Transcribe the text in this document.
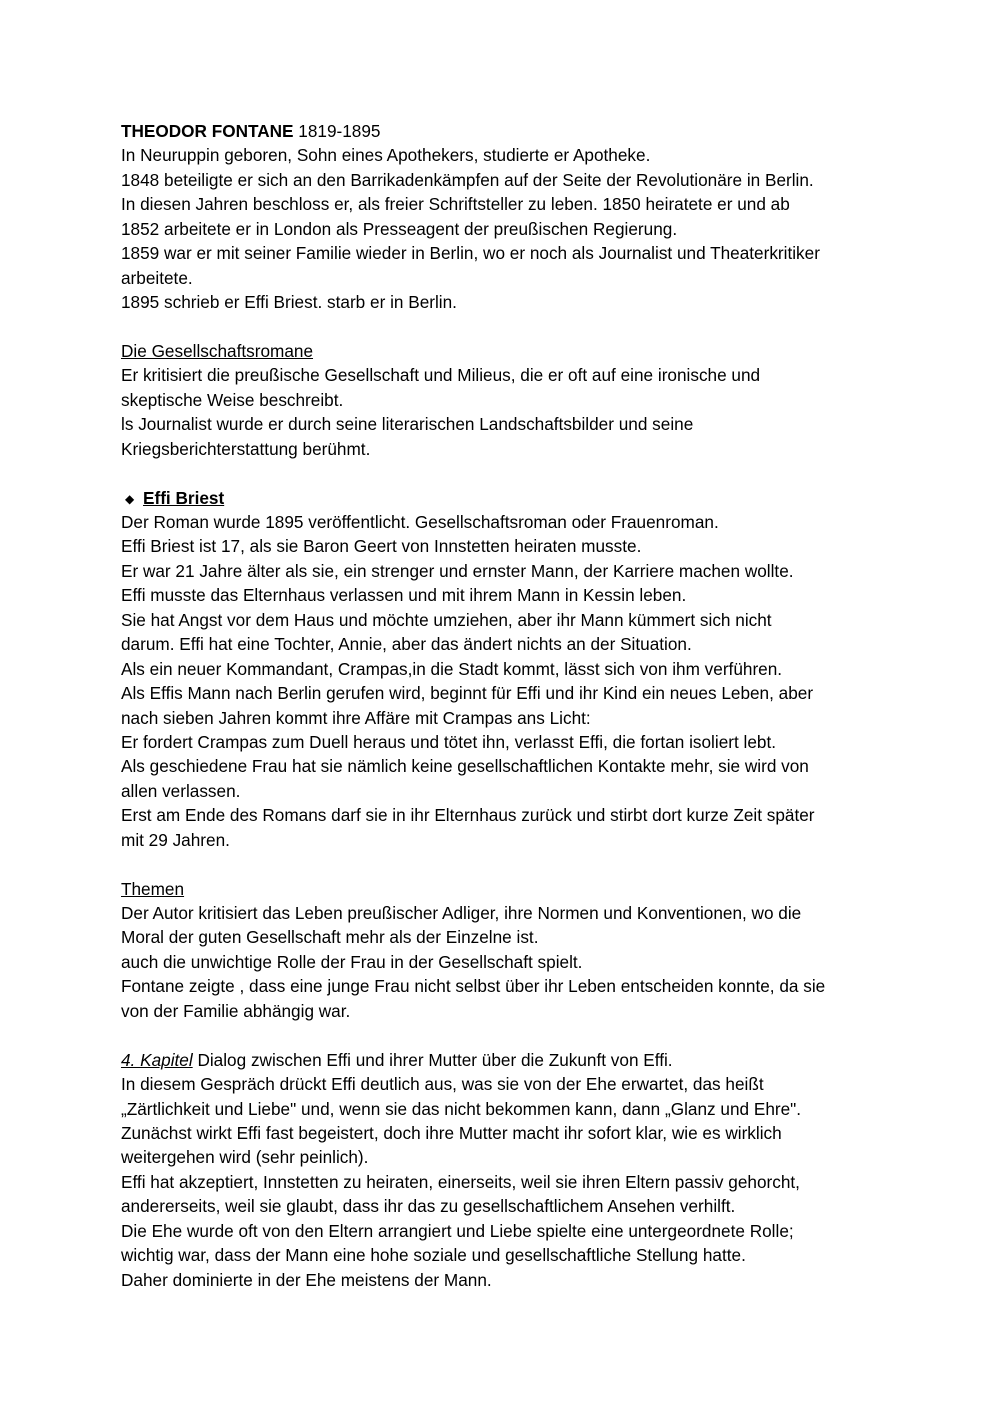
THEODOR FONTANE 1819-1895
In Neuruppin geboren, Sohn eines Apothekers, studierte er Apotheke.
1848 beteiligte er sich an den Barrikadenkämpfen auf der Seite der Revolutionäre in Berlin.
In diesen Jahren beschloss er, als freier Schriftsteller zu leben. 1850 heiratete er und ab
1852 arbeitete er in London als Presseagent der preußischen Regierung.
1859 war er mit seiner Familie wieder in Berlin, wo er noch als Journalist und Theaterkritiker
arbeitete.
1895 schrieb er Effi Briest. starb er in Berlin.
Die Gesellschaftsromane
Er kritisiert die preußische Gesellschaft und Milieus, die er oft auf eine ironische und
skeptische Weise beschreibt.
ls Journalist wurde er durch seine literarischen Landschaftsbilder und seine
Kriegsberichterstattung berühmt.
◆ Effi Briest
Der Roman wurde 1895 veröffentlicht. Gesellschaftsroman oder Frauenroman.
Effi Briest ist 17, als sie Baron Geert von Innstetten heiraten musste.
Er war 21 Jahre älter als sie, ein strenger und ernster Mann, der Karriere machen wollte.
Effi musste das Elternhaus verlassen und mit ihrem Mann in Kessin leben.
Sie hat Angst vor dem Haus und möchte umziehen, aber ihr Mann kümmert sich nicht
darum. Effi hat eine Tochter, Annie, aber das ändert nichts an der Situation.
Als ein neuer Kommandant, Crampas,in die Stadt kommt, lässt sich von ihm verführen.
Als Effis Mann nach Berlin gerufen wird, beginnt für Effi und ihr Kind ein neues Leben, aber
nach sieben Jahren kommt ihre Affäre mit Crampas ans Licht:
Er fordert Crampas zum Duell heraus und tötet ihn, verlasst Effi, die fortan isoliert lebt.
Als geschiedene Frau hat sie nämlich keine gesellschaftlichen Kontakte mehr, sie wird von
allen verlassen.
Erst am Ende des Romans darf sie in ihr Elternhaus zurück und stirbt dort kurze Zeit später
mit 29 Jahren.
Themen
Der Autor kritisiert das Leben preußischer Adliger, ihre Normen und Konventionen, wo die
Moral der guten Gesellschaft mehr als der Einzelne ist.
auch die unwichtige Rolle der Frau in der Gesellschaft spielt.
Fontane zeigte , dass eine junge Frau nicht selbst über ihr Leben entscheiden konnte, da sie
von der Familie abhängig war.
4. Kapitel Dialog zwischen Effi und ihrer Mutter über die Zukunft von Effi.
In diesem Gespräch drückt Effi deutlich aus, was sie von der Ehe erwartet, das heißt
„Zärtlichkeit und Liebe" und, wenn sie das nicht bekommen kann, dann „Glanz und Ehre".
Zunächst wirkt Effi fast begeistert, doch ihre Mutter macht ihr sofort klar, wie es wirklich
weitergehen wird (sehr peinlich).
Effi hat akzeptiert, Innstetten zu heiraten, einerseits, weil sie ihren Eltern passiv gehorcht,
andererseits, weil sie glaubt, dass ihr das zu gesellschaftlichem Ansehen verhilft.
Die Ehe wurde oft von den Eltern arrangiert und Liebe spielte eine untergeordnete Rolle;
wichtig war, dass der Mann eine hohe soziale und gesellschaftliche Stellung hatte.
Daher dominierte in der Ehe meistens der Mann.
